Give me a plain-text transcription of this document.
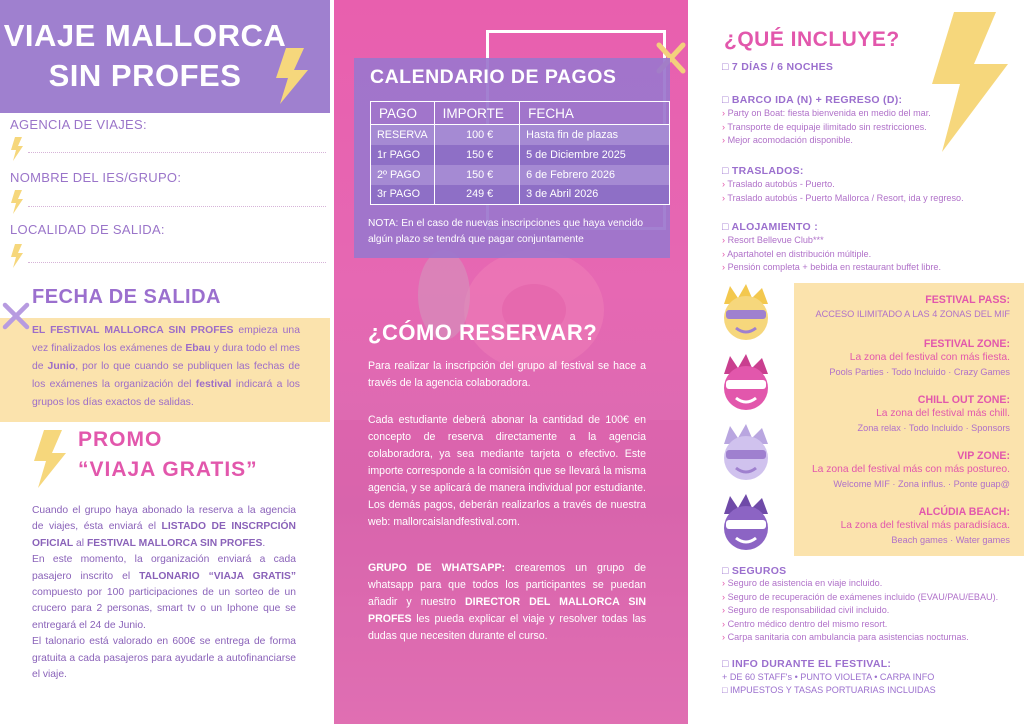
VIAJE MALLORCA
SIN PROFES
AGENCIA DE VIAJES:
NOMBRE DEL IES/GRUPO:
LOCALIDAD DE SALIDA:

EL FESTIVAL MALLORCA SIN PROFES empieza una vez finalizados los exámenes de Ebau y dura todo el mes de Junio, por lo que cuando se publiquen las fechas de los exámenes la organización del festival indicará a los grupos los días exactos de salidas.

FECHA DE SALIDA
PROMO
“VIAJA GRATIS”
Cuando el grupo haya abonado la reserva a la agencia de viajes, ésta enviará el LISTADO DE INSCRPCIÓN OFICIAL al FESTIVAL MALLORCA SIN PROFES.
En este momento, la organización enviará a cada pasajero inscrito el TALONARIO “VIAJA GRATIS” compuesto por 100 participaciones de un sorteo de un crucero para 2 personas, smart tv o un Iphone que se entregará el 24 de Junio.
El talonario está valorado en 600€ se entrega de forma gratuita a cada pasajeros para ayudarle a autofinanciarse el viaje.
CALENDARIO DE PAGOS
PAGO	IMPORTE	FECHA
RESERVA	100 €	Hasta fin de plazas
1r PAGO	150 €	5 de Diciembre 2025
2º PAGO	150 €	6 de Febrero 2026
3r PAGO	249 €	3 de Abril 2026
NOTA: En el caso de nuevas inscripciones que haya vencido algún plazo se tendrá que pagar conjuntamente
¿CÓMO RESERVAR?
Para realizar la inscripción del grupo al festival se hace a través de la agencia colaboradora.
Cada estudiante deberá abonar la cantidad de 100€ en concepto de reserva directamente a la agencia colaboradora, ya sea mediante tarjeta o efectivo. Este importe corresponde a la comisión que se llevará la misma agencia, y se aplicará de manera individual por estudiante. Los demás pagos, deberán realizarlos a través de nuestra web: mallorcaislandfestival.com.
GRUPO DE WHATSAPP: crearemos un grupo de whatsapp para que todos los participantes se puedan añadir y nuestro DIRECTOR DEL MALLORCA SIN PROFES les pueda explicar el viaje y resolver todas las dudas que necesiten durante el curso.
¿QUÉ INCLUYE?
□ 7 DÍAS / 6 NOCHES
□ BARCO IDA (N) + REGRESO (D):
› Party on Boat: fiesta bienvenida en medio del mar.
› Transporte de equipaje ilimitado sin restricciones.
› Mejor acomodación disponible.
□ TRASLADOS:
› Traslado autobús - Puerto.
› Traslado autobús - Puerto Mallorca / Resort, ida y regreso.
□ ALOJAMIENTO :
› Resort Bellevue Club***
› Apartahotel en distribución múltiple.
› Pensión completa + bebida en restaurant buffet libre.
FESTIVAL PASS:
ACCESO ILIMITADO A LAS 4 ZONAS DEL MIF
FESTIVAL ZONE:
La zona del festival con más fiesta.
Pools Parties · Todo Incluido · Crazy Games
CHILL OUT ZONE:
La zona del festival más chill.
Zona relax · Todo Incluido · Sponsors
VIP ZONE:
La zona del festival más con más postureo.
Welcome MIF · Zona influs. · Ponte guap@
ALCÚDIA BEACH:
La zona del festival más paradisíaca.
Beach games · Water games
□ SEGUROS
› Seguro de asistencia en viaje incluido.
› Seguro de recuperación de exámenes incluido (EVAU/PAU/EBAU).
› Seguro de responsabilidad civil incluido.
› Centro médico dentro del mismo resort.
› Carpa sanitaria con ambulancia para asistencias nocturnas.
□ INFO DURANTE EL FESTIVAL:
+ DE 60 STAFF's • PUNTO VIOLETA • CARPA INFO
□ IMPUESTOS Y TASAS PORTUARIAS INCLUIDAS
